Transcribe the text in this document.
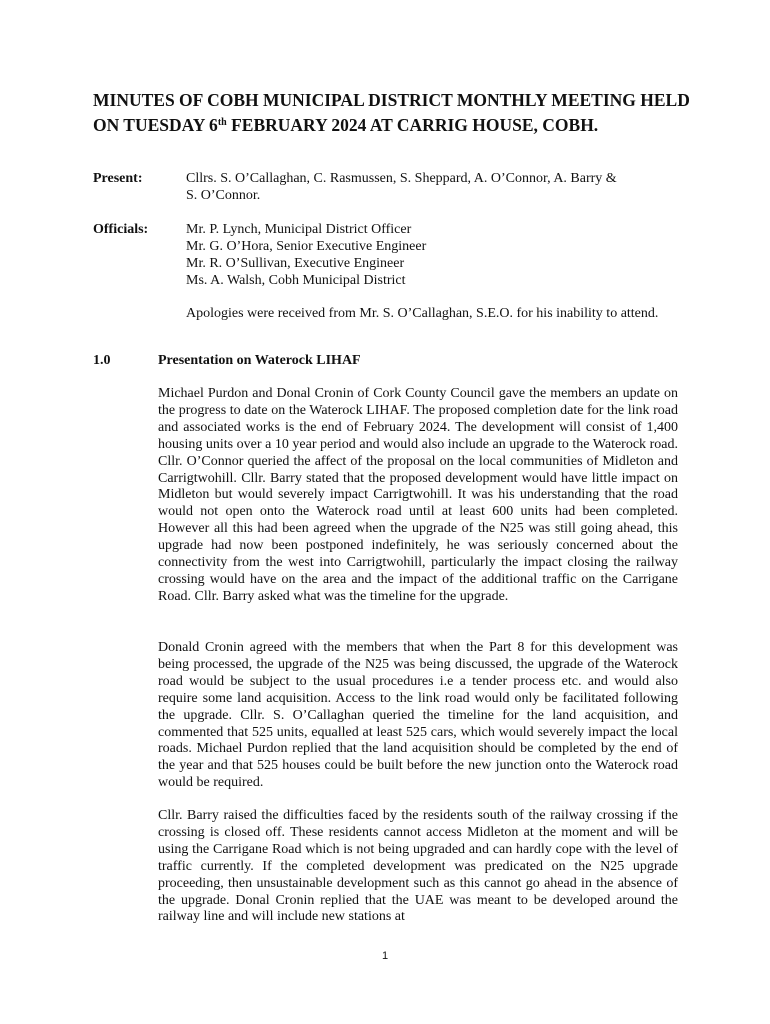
MINUTES OF COBH MUNICIPAL DISTRICT MONTHLY MEETING HELD ON TUESDAY 6th FEBRUARY 2024 AT CARRIG HOUSE, COBH.
Present:	Cllrs. S. O’Callaghan, C. Rasmussen, S. Sheppard, A. O’Connor, A. Barry &
S. O’Connor.
Officials:	Mr. P. Lynch, Municipal District Officer
Mr. G. O’Hora, Senior Executive Engineer
Mr. R. O’Sullivan, Executive Engineer
Ms. A. Walsh, Cobh Municipal District
Apologies were received from Mr. S. O’Callaghan, S.E.O. for his inability to attend.
1.0	Presentation on Waterock LIHAF

Michael Purdon and Donal Cronin of Cork County Council gave the members an update on the progress to date on the Waterock LIHAF. The proposed completion date for the link road and associated works is the end of February 2024. The development will consist of 1,400 housing units over a 10 year period and would also include an upgrade to the Waterock road. Cllr. O’Connor queried the affect of the proposal on the local communities of Midleton and Carrigtwohill. Cllr. Barry stated that the proposed development would have little impact on Midleton but would severely impact Carrigtwohill. It was his understanding that the road would not open onto the Waterock road until at least 600 units had been completed. However all this had been agreed when the upgrade of the N25 was still going ahead, this upgrade had now been postponed indefinitely, he was seriously concerned about the connectivity from the west into Carrigtwohill, particularly the impact closing the railway crossing would have on the area and the impact of the additional traffic on the Carrigane Road. Cllr. Barry asked what was the timeline for the upgrade.

Donald Cronin agreed with the members that when the Part 8 for this development was being processed, the upgrade of the N25 was being discussed, the upgrade of the Waterock road would be subject to the usual procedures i.e a tender process etc. and would also require some land acquisition. Access to the link road would only be facilitated following the upgrade. Cllr. S. O’Callaghan queried the timeline for the land acquisition, and commented that 525 units, equalled at least 525 cars, which would severely impact the local roads. Michael Purdon replied that the land acquisition should be completed by the end of the year and that 525 houses could be built before the new junction onto the Waterock road would be required.

Cllr. Barry raised the difficulties faced by the residents south of the railway crossing if the crossing is closed off. These residents cannot access Midleton at the moment and will be using the Carrigane Road which is not being upgraded and can hardly cope with the level of traffic currently. If the completed development was predicated on the N25 upgrade proceeding, then unsustainable development such as this cannot go ahead in the absence of the upgrade. Donal Cronin replied that the UAE was meant to be developed around the railway line and will include new stations at

1
